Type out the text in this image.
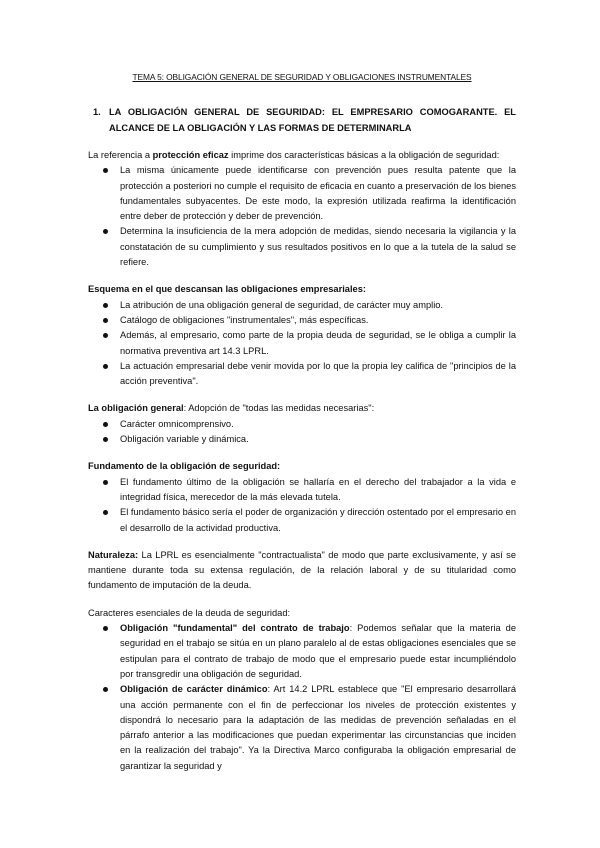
TEMA 5: OBLIGACIÓN GENERAL DE SEGURIDAD Y OBLIGACIONES INSTRUMENTALES
1. LA OBLIGACIÓN GENERAL DE SEGURIDAD: EL EMPRESARIO COMOGARANTE. EL ALCANCE DE LA OBLIGACIÓN Y LAS FORMAS DE DETERMINARLA

La referencia a protección eficaz imprime dos características básicas a la obligación de seguridad:

La misma únicamente puede identificarse con prevención pues resulta patente que la protección a posteriori no cumple el requisito de eficacia en cuanto a preservación de los bienes fundamentales subyacentes. De este modo, la expresión utilizada reafirma la identificación entre deber de protección y deber de prevención.
Determina la insuficiencia de la mera adopción de medidas, siendo necesaria la vigilancia y la constatación de su cumplimiento y sus resultados positivos en lo que a la tutela de la salud se refiere.

Esquema en el que descansan las obligaciones empresariales:

La atribución de una obligación general de seguridad, de carácter muy amplio.
Catálogo de obligaciones "instrumentales", más específicas.
Además, al empresario, como parte de la propia deuda de seguridad, se le obliga a cumplir la normativa preventiva art 14.3 LPRL.
La actuación empresarial debe venir movida por lo que la propia ley califica de "principios de la acción preventiva".

La obligación general: Adopción de "todas las medidas necesarias":

Carácter omnicomprensivo.
Obligación variable y dinámica.

Fundamento de la obligación de seguridad:

El fundamento último de la obligación se hallaría en el derecho del trabajador a la vida e integridad física, merecedor de la más elevada tutela.
El fundamento básico sería el poder de organización y dirección ostentado por el empresario en el desarrollo de la actividad productiva.

Naturaleza: La LPRL es esencialmente "contractualista" de modo que parte exclusivamente, y así se mantiene durante toda su extensa regulación, de la relación laboral y de su titularidad como fundamento de imputación de la deuda.

Caracteres esenciales de la deuda de seguridad:

Obligación "fundamental" del contrato de trabajo: Podemos señalar que la materia de seguridad en el trabajo se sitúa en un plano paralelo al de estas obligaciones esenciales que se estipulan para el contrato de trabajo de modo que el empresario puede estar incumpliéndolo por transgredir una obligación de seguridad.
Obligación de carácter dinámico: Art 14.2 LPRL establece que "El empresario desarrollará una acción permanente con el fin de perfeccionar los niveles de protección existentes y dispondrá lo necesario para la adaptación de las medidas de prevención señaladas en el párrafo anterior a las modificaciones que puedan experimentar las circunstancias que inciden en la realización del trabajo". Ya la Directiva Marco configuraba la obligación empresarial de garantizar la seguridad y
